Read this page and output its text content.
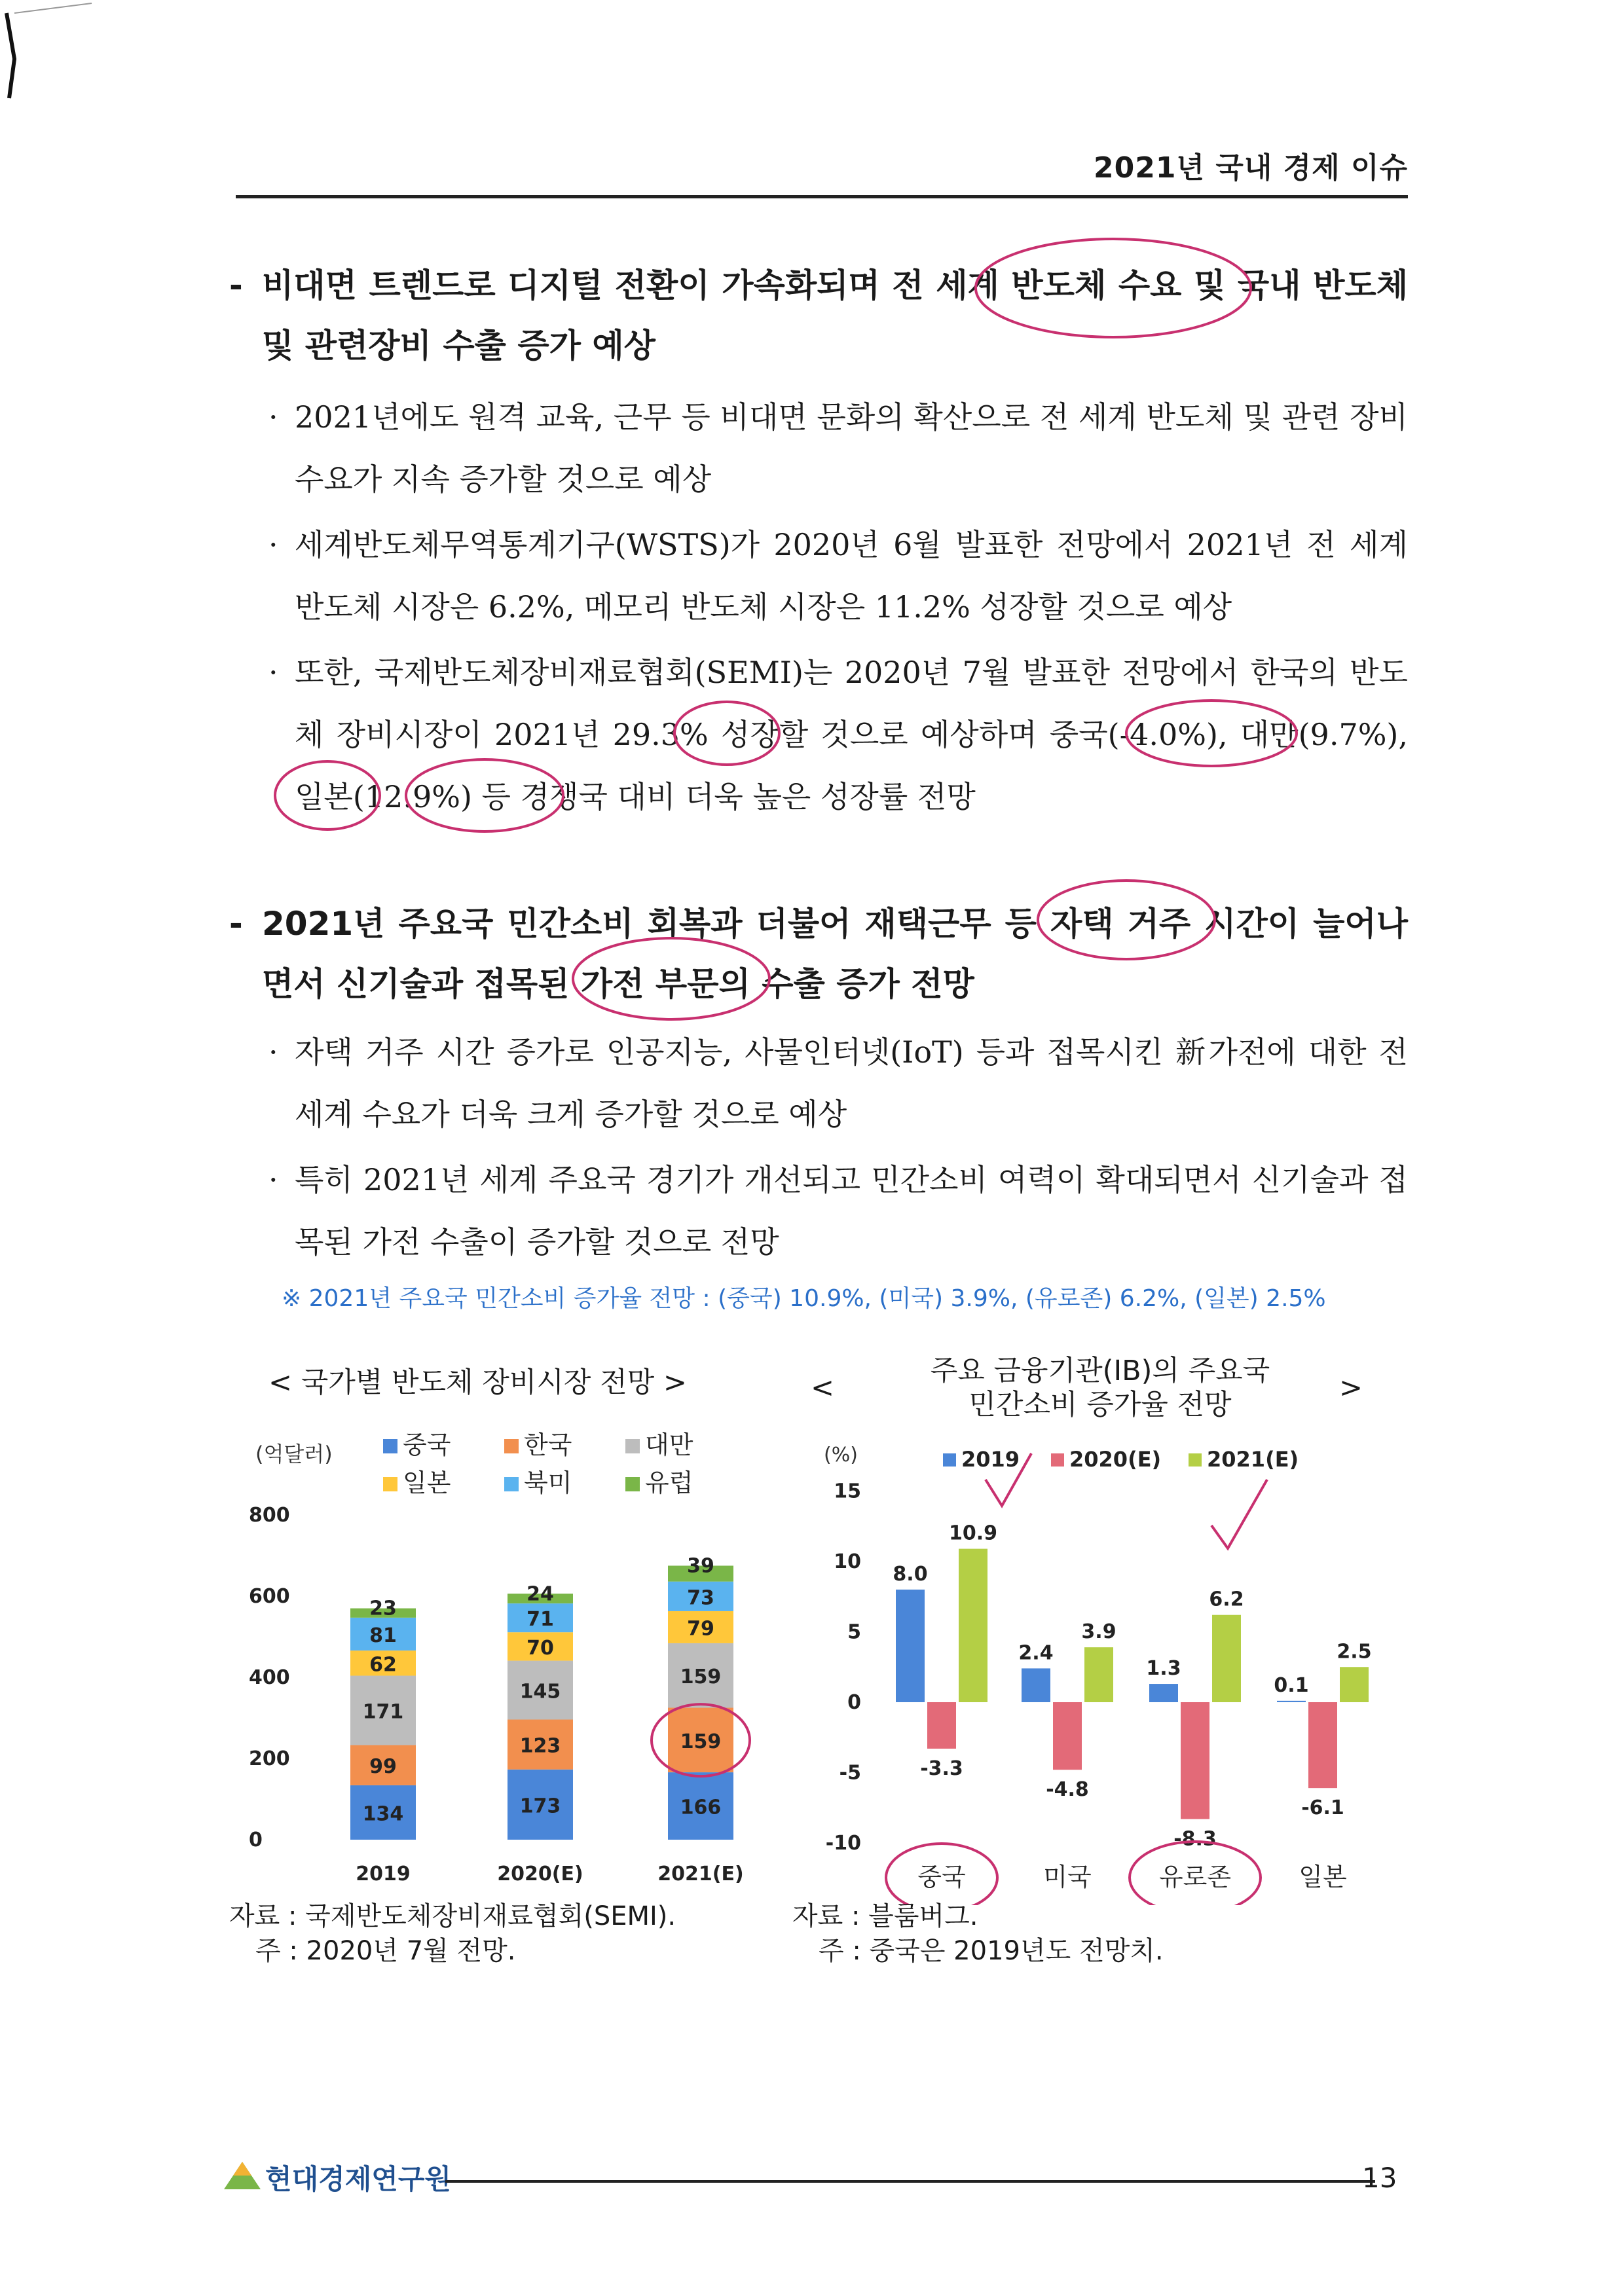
2021년 국내 경제 이슈
- 비대면 트렌드로 디지털 전환이 가속화되며 전 세계 반도체 수요 및 국내 반도체 및 관련장비 수출 증가 예상
· 2021년에도 원격 교육, 근무 등 비대면 문화의 확산으로 전 세계 반도체 및 관련 장비 수요가 지속 증가할 것으로 예상
· 세계반도체무역통계기구(WSTS)가 2020년 6월 발표한 전망에서 2021년 전 세계 반도체 시장은 6.2%, 메모리 반도체 시장은 11.2% 성장할 것으로 예상
· 또한, 국제반도체장비재료협회(SEMI)는 2020년 7월 발표한 전망에서 한국의 반도체 장비시장이 2021년 29.3% 성장할 것으로 예상하며 중국(-4.0%), 대만(9.7%), 일본(12.9%) 등 경쟁국 대비 더욱 높은 성장률 전망
- 2021년 주요국 민간소비 회복과 더불어 재택근무 등 자택 거주 시간이 늘어나면서 신기술과 접목된 가전 부문의 수출 증가 전망
· 자택 거주 시간 증가로 인공지능, 사물인터넷(IoT) 등과 접목시킨 新가전에 대한 전 세계 수요가 더욱 크게 증가할 것으로 예상
· 특히 2021년 세계 주요국 경기가 개선되고 민간소비 여력이 확대되면서 신기술과 접목된 가전 수출이 증가할 것으로 전망
※ 2021년 주요국 민간소비 증가율 전망 : (중국) 10.9%, (미국) 3.9%, (유로존) 6.2%, (일본) 2.5%
< 국가별 반도체 장비시장 전망 >
(억달러)
0
200
400
600
800
중국	한국	대만
일본	북미	유럽
134
99
171
62
81
23
2019
173
123
145
70
71
24
2020(E)
166
159
159
79
73
39
2021(E)
<
주요 금융기관(IB)의 주요국
민간소비 증가율 전망
>
(%)
15
10
5
0
-5
-10
2019 2020(E) 2021(E)
8.0
-3.3
10.9
중국
2.4
-4.8
3.9
미국
1.3
-8.3
6.2
유로존
0.1
-6.1
2.5
일본
자료 : 국제반도체장비재료협회(SEMI).
주 : 2020년 7월 전망.
자료 : 블룸버그.
주 : 중국은 2019년도 전망치.
현대경제연구원	13
